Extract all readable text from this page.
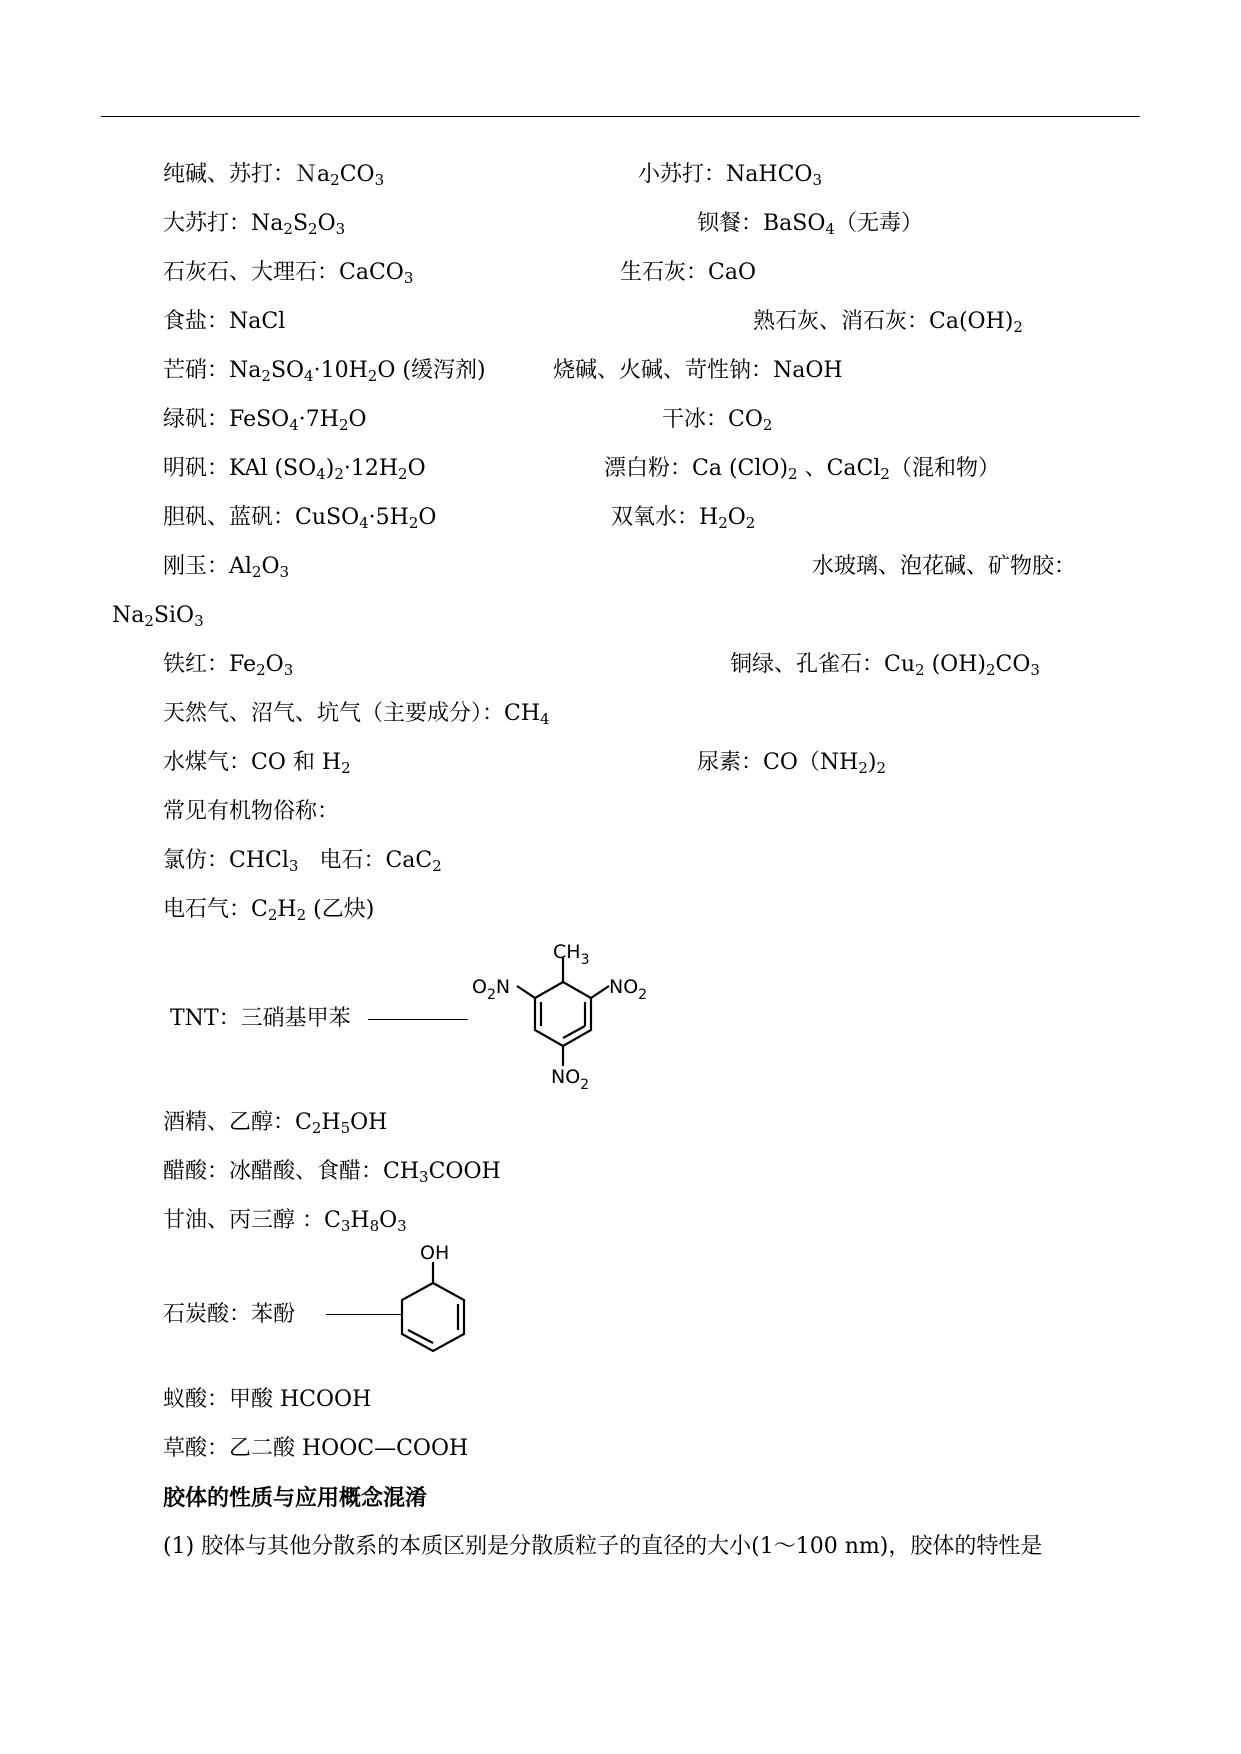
纯碱、苏打：$Na_2CO_3$	小苏打：NaHCO$_3$
大苏打：$Na_2S_2O_3$	钡餐：BaSO$_4$（无毒）
石灰石、大理石：CaCO$_3$	生石灰：CaO
食盐：NaCl	熟石灰、消石灰：$Ca(OH)_2$
芒硝：$Na_2SO_4\cdot 10H_2O$ (缓泻剂)	烧碱、火碱、苛性钠：NaOH
绿矾：$FeSO_4\cdot 7H_2O$	干冰：$CO_2$
明矾：KAl $(SO_4)_2\cdot 12H_2O$	漂白粉：Ca $(ClO)_2$ 、CaCl$_2$（混和物）
胆矾、蓝矾：$CuSO_4\cdot 5H_2O$	双氧水：$H_2O_2$
刚玉：$Al_2O_3$	水玻璃、泡花碱、矿物胶：
$Na_2SiO_3$
铁红：$Fe_2O_3$	铜绿、孔雀石：$Cu_2$ $(OH)_2CO_3$
天然气、沼气、坑气（主要成分）：$CH_4$
水煤气：CO 和 $H_2$	尿素：$CO(NH_2)_2$
常见有机物俗称：
氯仿：CHCl$_3$ 电石：CaC$_2$
电石气：$C_2H_2$ (乙炔)
TNT：三硝基甲苯
$CH_3$
$O_2N$	$NO_2$
$NO_2$
酒精、乙醇：$C_2H_5OH$
醋酸：冰醋酸、食醋：$CH_3COOH$
甘油、丙三醇 ：$C_3H_8O_3$
石炭酸：苯酚
OH
蚁酸：甲酸 HCOOH
草酸：乙二酸 HOOC—COOH
胶体的性质与应用概念混淆
(1) 胶体与其他分散系的本质区别是分散质粒子的直径的大小(1～100 nm)，胶体的特性是
